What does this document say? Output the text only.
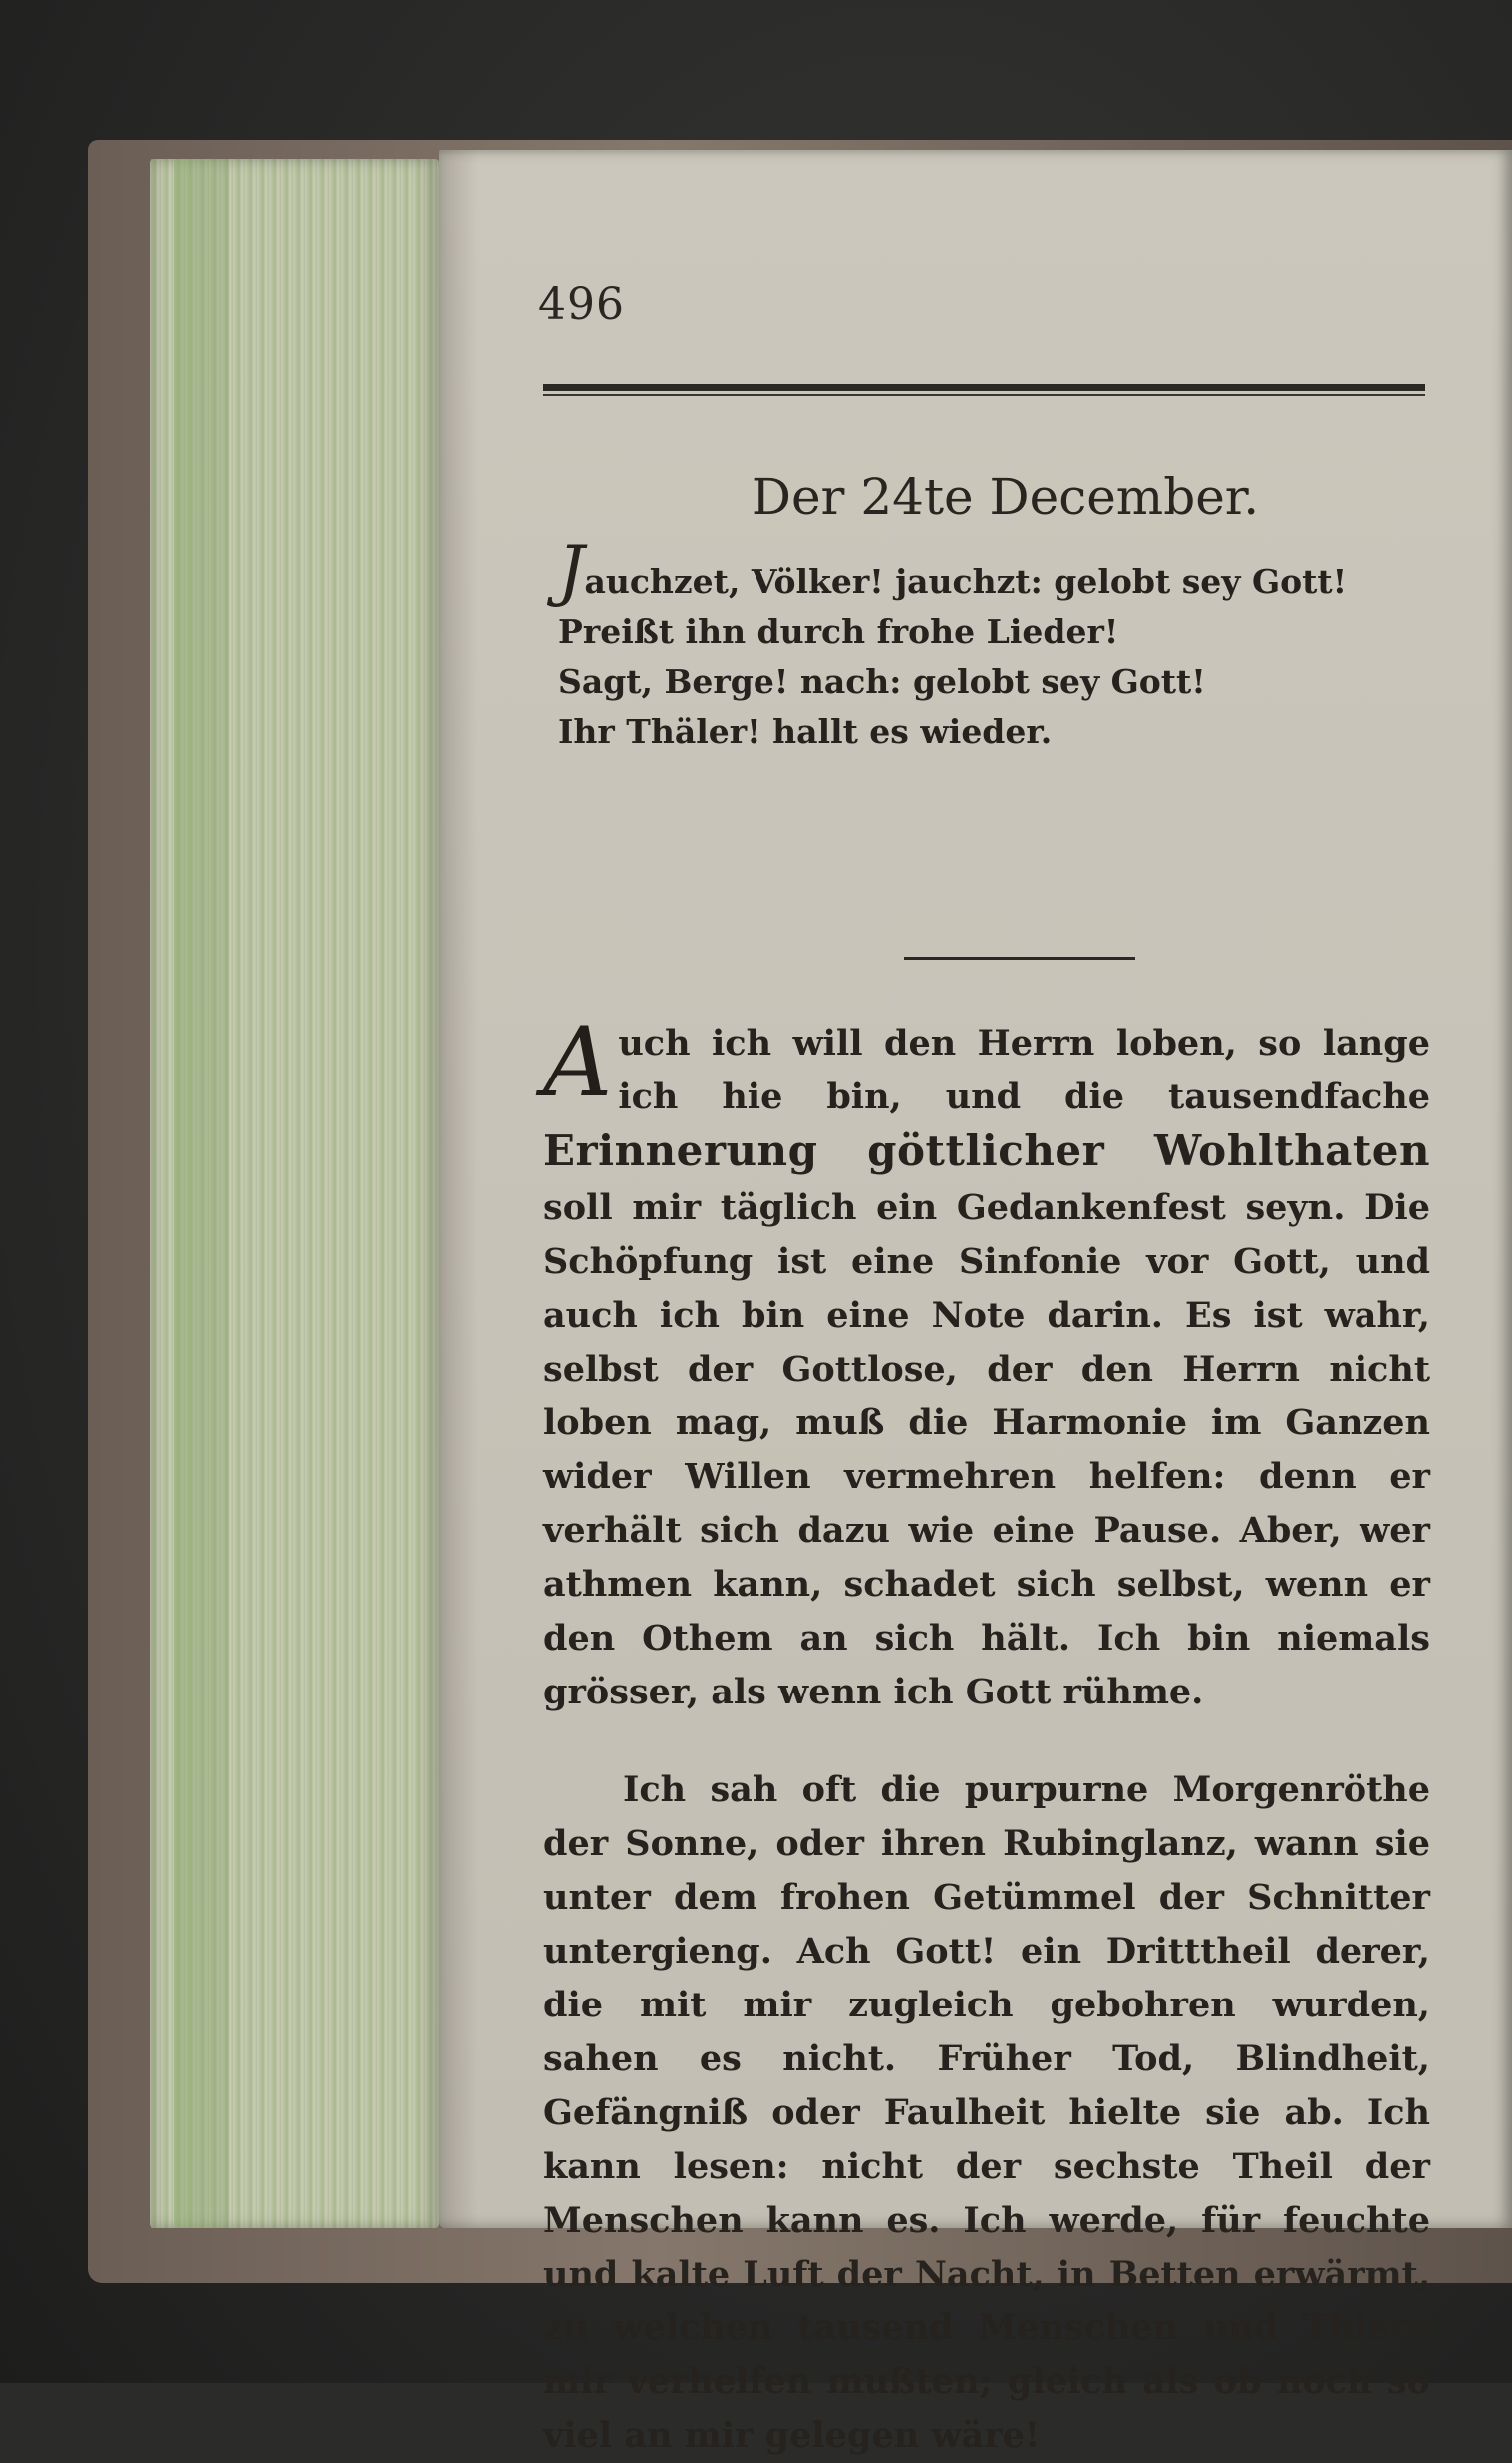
496
Der 24te December.
Jauchzet, Völker! jauchzt: gelobt sey Gott!
Preißt ihn durch frohe Lieder!
Sagt, Berge! nach: gelobt sey Gott!
Ihr Thäler! hallt es wieder.

Auch ich will den Herrn loben, so lange ich hie bin, und die tausendfache Erinnerung göttlicher Wohlthaten soll mir täglich ein Gedankenfest seyn. Die Schöpfung ist eine Sinfonie vor Gott, und auch ich bin eine Note darin. Es ist wahr, selbst der Gottlose, der den Herrn nicht loben mag, muß die Harmonie im Ganzen wider Willen vermehren helfen: denn er verhält sich dazu wie eine Pause. Aber, wer athmen kann, schadet sich selbst, wenn er den Othem an sich hält. Ich bin niemals grösser, als wenn ich Gott rühme.

Ich sah oft die purpurne Morgenröthe der Sonne, oder ihren Rubinglanz, wann sie unter dem frohen Getümmel der Schnitter untergieng. Ach Gott! ein Dritttheil derer, die mit mir zugleich gebohren wurden, sahen es nicht. Früher Tod, Blindheit, Gefängniß oder Faulheit hielte sie ab. Ich kann lesen: nicht der sechste Theil der Menschen kann es. Ich werde, für feuchte und kalte Luft der Nacht, in Betten erwärmt, zu welchen tausend Menschen und Thiere mir verhelfen mußten; gleich als ob noch so viel an mir gelegen wäre!
